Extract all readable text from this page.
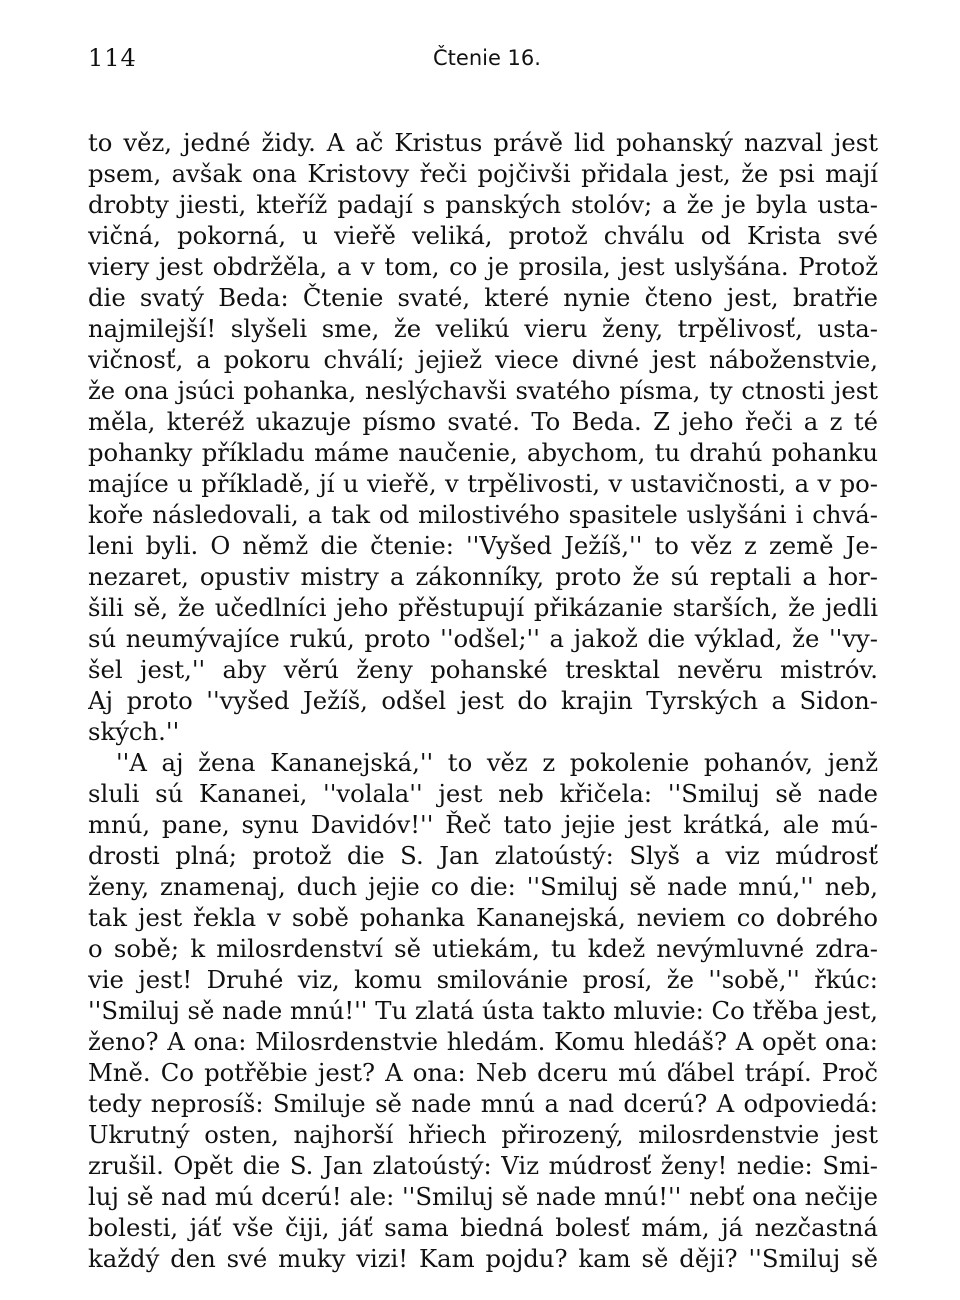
114	Čtenie 16.
to věz, jedné židy. A ač Kristus právě lid pohanský nazval jest
psem, avšak ona Kristovy řeči pojčivši přidala jest, že psi mají
drobty jiesti, kteříž padají s panských stolóv; a že je byla usta-
vičná, pokorná, u vieřě veliká, protož chválu od Krista své
viery jest obdržěla, a v tom, co je prosila, jest uslyšána. Protož
die svatý Beda: Čtenie svaté, které nynie čteno jest, bratřie
najmilejší! slyšeli sme, že velikú vieru ženy, trpělivosť, usta-
vičnosť, a pokoru chválí; jejiež viece divné jest náboženstvie,
že ona jsúci pohanka, neslýchavši svatého písma, ty ctnosti jest
měla, kteréž ukazuje písmo svaté. To Beda. Z jeho řeči a z té
pohanky příkladu máme naučenie, abychom, tu drahú pohanku
majíce u příkladě, jí u vieřě, v trpělivosti, v ustavičnosti, a v po-
koře následovali, a tak od milostivého spasitele uslyšáni i chvá-
leni byli. O němž die čtenie: ''Vyšed Ježíš,'' to věz z země Je-
nezaret, opustiv mistry a zákonníky, proto že sú reptali a hor-
šili sě, že učedlníci jeho přěstupují přikázanie starších, že jedli
sú neumývajíce rukú, proto ''odšel;'' a jakož die výklad, že ''vy-
šel jest,'' aby věrú ženy pohanské tresktal nevěru mistróv.
Aj proto ''vyšed Ježíš, odšel jest do krajin Tyrských a Sidon-
ských.''
''A aj žena Kananejská,'' to věz z pokolenie pohanóv, jenž
sluli sú Kananei, ''volala'' jest neb křičela: ''Smiluj sě nade
mnú, pane, synu Davidóv!'' Řeč tato jejie jest krátká, ale mú-
drosti plná; protož die S. Jan zlatoústý: Slyš a viz múdrosť
ženy, znamenaj, duch jejie co die: ''Smiluj sě nade mnú,'' neb,
tak jest řekla v sobě pohanka Kananejská, neviem co dobrého
o sobě; k milosrdenství sě utiekám, tu kdež nevýmluvné zdra-
vie jest! Druhé viz, komu smilovánie prosí, že ''sobě,'' řkúc:
''Smiluj sě nade mnú!'' Tu zlatá ústa takto mluvie: Co třěba jest,
ženo? A ona: Milosrdenstvie hledám. Komu hledáš? A opět ona:
Mně. Co potřěbie jest? A ona: Neb dceru mú ďábel trápí. Proč
tedy neprosíš: Smiluje sě nade mnú a nad dcerú? A odpoviedá:
Ukrutný osten, najhorší hřiech přirozený, milosrdenstvie jest
zrušil. Opět die S. Jan zlatoústý: Viz múdrosť ženy! nedie: Smi-
luj sě nad mú dcerú! ale: ''Smiluj sě nade mnú!'' nebť ona nečije
bolesti, jáť vše čiji, jáť sama biedná bolesť mám, já nezčastná
každý den své muky vizi! Kam pojdu? kam sě ději? ''Smiluj sě
